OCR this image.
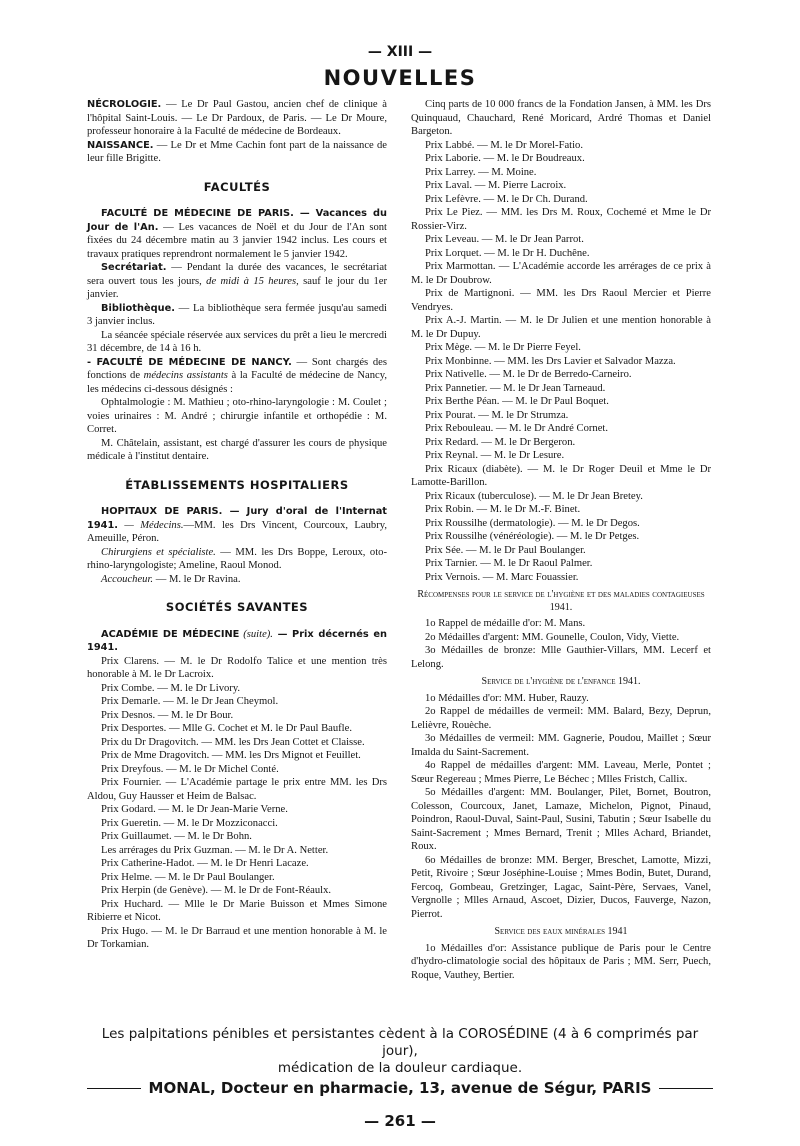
— XIII —
NOUVELLES

NÉCROLOGIE. — Le Dr Paul Gastou, ancien chef de clinique à l'hôpital Saint-Louis. — Le Dr Pardoux, de Paris. — Le Dr Moure, professeur honoraire à la Faculté de médecine de Bordeaux.

NAISSANCE. — Le Dr et Mme Cachin font part de la naissance de leur fille Brigitte.

FACULTÉS

FACULTÉ DE MÉDECINE DE PARIS. — Vacances du Jour de l'An. — Les vacances de Noël et du Jour de l'An sont fixées du 24 décembre matin au 3 janvier 1942 inclus. Les cours et travaux pratiques reprendront normalement le 5 janvier 1942.

Secrétariat. — Pendant la durée des vacances, le secrétariat sera ouvert tous les jours, de midi à 15 heures, sauf le jour du 1er janvier.

Bibliothèque. — La bibliothèque sera fermée jusqu'au samedi 3 janvier inclus.

La séancée spéciale réservée aux services du prêt a lieu le mercredi 31 décembre, de 14 à 16 h.

- FACULTÉ DE MÉDECINE DE NANCY. — Sont chargés des fonctions de médecins assistants à la Faculté de médecine de Nancy, les médecins ci-dessous désignés :

Ophtalmologie : M. Mathieu ; oto-rhino-laryngologie : M. Coulet ; voies urinaires : M. André ; chirurgie infantile et orthopédie : M. Corret.

M. Châtelain, assistant, est chargé d'assurer les cours de physique médicale à l'institut dentaire.

ÉTABLISSEMENTS HOSPITALIERS

HOPITAUX DE PARIS. — Jury d'oral de l'Internat 1941. — Médecins.—MM. les Drs Vincent, Courcoux, Laubry, Ameuille, Péron.

Chirurgiens et spécialiste. — MM. les Drs Boppe, Leroux, oto-rhino-laryngologiste; Ameline, Raoul Monod.

Accoucheur. — M. le Dr Ravina.

SOCIÉTÉS SAVANTES

ACADÉMIE DE MÉDECINE (suite). — Prix décernés en 1941.

Prix Clarens. — M. le Dr Rodolfo Talice et une mention très honorable à M. le Dr Lacroix.

Prix Combe. — M. le Dr Livory.

Prix Demarle. — M. le Dr Jean Cheymol.

Prix Desnos. — M. le Dr Bour.

Prix Desportes. — Mlle G. Cochet et M. le Dr Paul Baufle.

Prix du Dr Dragovitch. — MM. les Drs Jean Cottet et Claisse.

Prix de Mme Dragovitch. — MM. les Drs Mignot et Feuillet.

Prix Dreyfous. — M. le Dr Michel Conté.

Prix Fournier. — L'Académie partage le prix entre MM. les Drs Aldou, Guy Hausser et Heim de Balsac.

Prix Godard. — M. le Dr Jean-Marie Verne.

Prix Gueretin. — M. le Dr Mozziconacci.

Prix Guillaumet. — M. le Dr Bohn.

Les arrérages du Prix Guzman. — M. le Dr A. Netter.

Prix Catherine-Hadot. — M. le Dr Henri Lacaze.

Prix Helme. — M. le Dr Paul Boulanger.

Prix Herpin (de Genève). — M. le Dr de Font-Réaulx.

Prix Huchard. — Mlle le Dr Marie Buisson et Mmes Simone Ribierre et Nicot.

Prix Hugo. — M. le Dr Barraud et une mention honorable à M. le Dr Torkamian.

Cinq parts de 10 000 francs de la Fondation Jansen, à MM. les Drs Quinquaud, Chauchard, René Moricard, Ardré Thomas et Daniel Bargeton.

Prix Labbé. — M. le Dr Morel-Fatio.

Prix Laborie. — M. le Dr Boudreaux.

Prix Larrey. — M. Moine.

Prix Laval. — M. Pierre Lacroix.

Prix Lefèvre. — M. le Dr Ch. Durand.

Prix Le Piez. — MM. les Drs M. Roux, Cochemé et Mme le Dr Rossier-Virz.

Prix Leveau. — M. le Dr Jean Parrot.

Prix Lorquet. — M. le Dr H. Duchêne.

Prix Marmottan. — L'Académie accorde les arrérages de ce prix à M. le Dr Doubrow.

Prix de Martignoni. — MM. les Drs Raoul Mercier et Pierre Vendryes.

Prix A.-J. Martin. — M. le Dr Julien et une mention honorable à M. le Dr Dupuy.

Prix Mège. — M. le Dr Pierre Feyel.

Prix Monbinne. — MM. les Drs Lavier et Salvador Mazza.

Prix Nativelle. — M. le Dr de Berredo-Carneiro.

Prix Pannetier. — M. le Dr Jean Tarneaud.

Prix Berthe Péan. — M. le Dr Paul Boquet.

Prix Pourat. — M. le Dr Strumza.

Prix Rebouleau. — M. le Dr André Cornet.

Prix Redard. — M. le Dr Bergeron.

Prix Reynal. — M. le Dr Lesure.

Prix Ricaux (diabète). — M. le Dr Roger Deuil et Mme le Dr Lamotte-Barillon.

Prix Ricaux (tuberculose). — M. le Dr Jean Bretey.

Prix Robin. — M. le Dr M.-F. Binet.

Prix Roussilhe (dermatologie). — M. le Dr Degos.

Prix Roussilhe (vénéréologie). — M. le Dr Petges.

Prix Sée. — M. le Dr Paul Boulanger.

Prix Tarnier. — M. le Dr Raoul Palmer.

Prix Vernois. — M. Marc Fouassier.

Récompenses pour le service de l'hygiène et des maladies contagieuses 1941.

1o Rappel de médaille d'or: M. Mans.

2o Médailles d'argent: MM. Gounelle, Coulon, Vidy, Viette.

3o Médailles de bronze: Mlle Gauthier-Villars, MM. Lecerf et Lelong.

Service de l'hygiène de l'enfance 1941.

1o Médailles d'or: MM. Huber, Rauzy.

2o Rappel de médailles de vermeil: MM. Balard, Bezy, Deprun, Lelièvre, Rouèche.

3o Médailles de vermeil: MM. Gagnerie, Poudou, Maillet ; Sœur Imalda du Saint-Sacrement.

4o Rappel de médailles d'argent: MM. Laveau, Merle, Pontet ; Sœur Regereau ; Mmes Pierre, Le Béchec ; Mlles Fristch, Callix.

5o Médailles d'argent: MM. Boulanger, Pilet, Bornet, Boutron, Colesson, Courcoux, Janet, Lamaze, Michelon, Pignot, Pinaud, Poindron, Raoul-Duval, Saint-Paul, Susini, Tabutin ; Sœur Isabelle du Saint-Sacrement ; Mmes Bernard, Trenit ; Mlles Achard, Briandet, Roux.

6o Médailles de bronze: MM. Berger, Breschet, Lamotte, Mizzi, Petit, Rivoire ; Sœur Joséphine-Louise ; Mmes Bodin, Butet, Durand, Fercoq, Gombeau, Gretzinger, Lagac, Saint-Père, Servaes, Vanel, Vergnolle ; Mlles Arnaud, Ascoet, Dizier, Ducos, Fauverge, Nazon, Pierrot.

Service des eaux minérales 1941

1o Médailles d'or: Assistance publique de Paris pour le Centre d'hydro-climatologie social des hôpitaux de Paris ; MM. Serr, Puech, Roque, Vauthey, Bertier.

Les palpitations pénibles et persistantes cèdent à la COROSÉDINE (4 à 6 comprimés par jour),
médication de la douleur cardiaque.
MONAL, Docteur en pharmacie, 13, avenue de Ségur, PARIS
— 261 —
